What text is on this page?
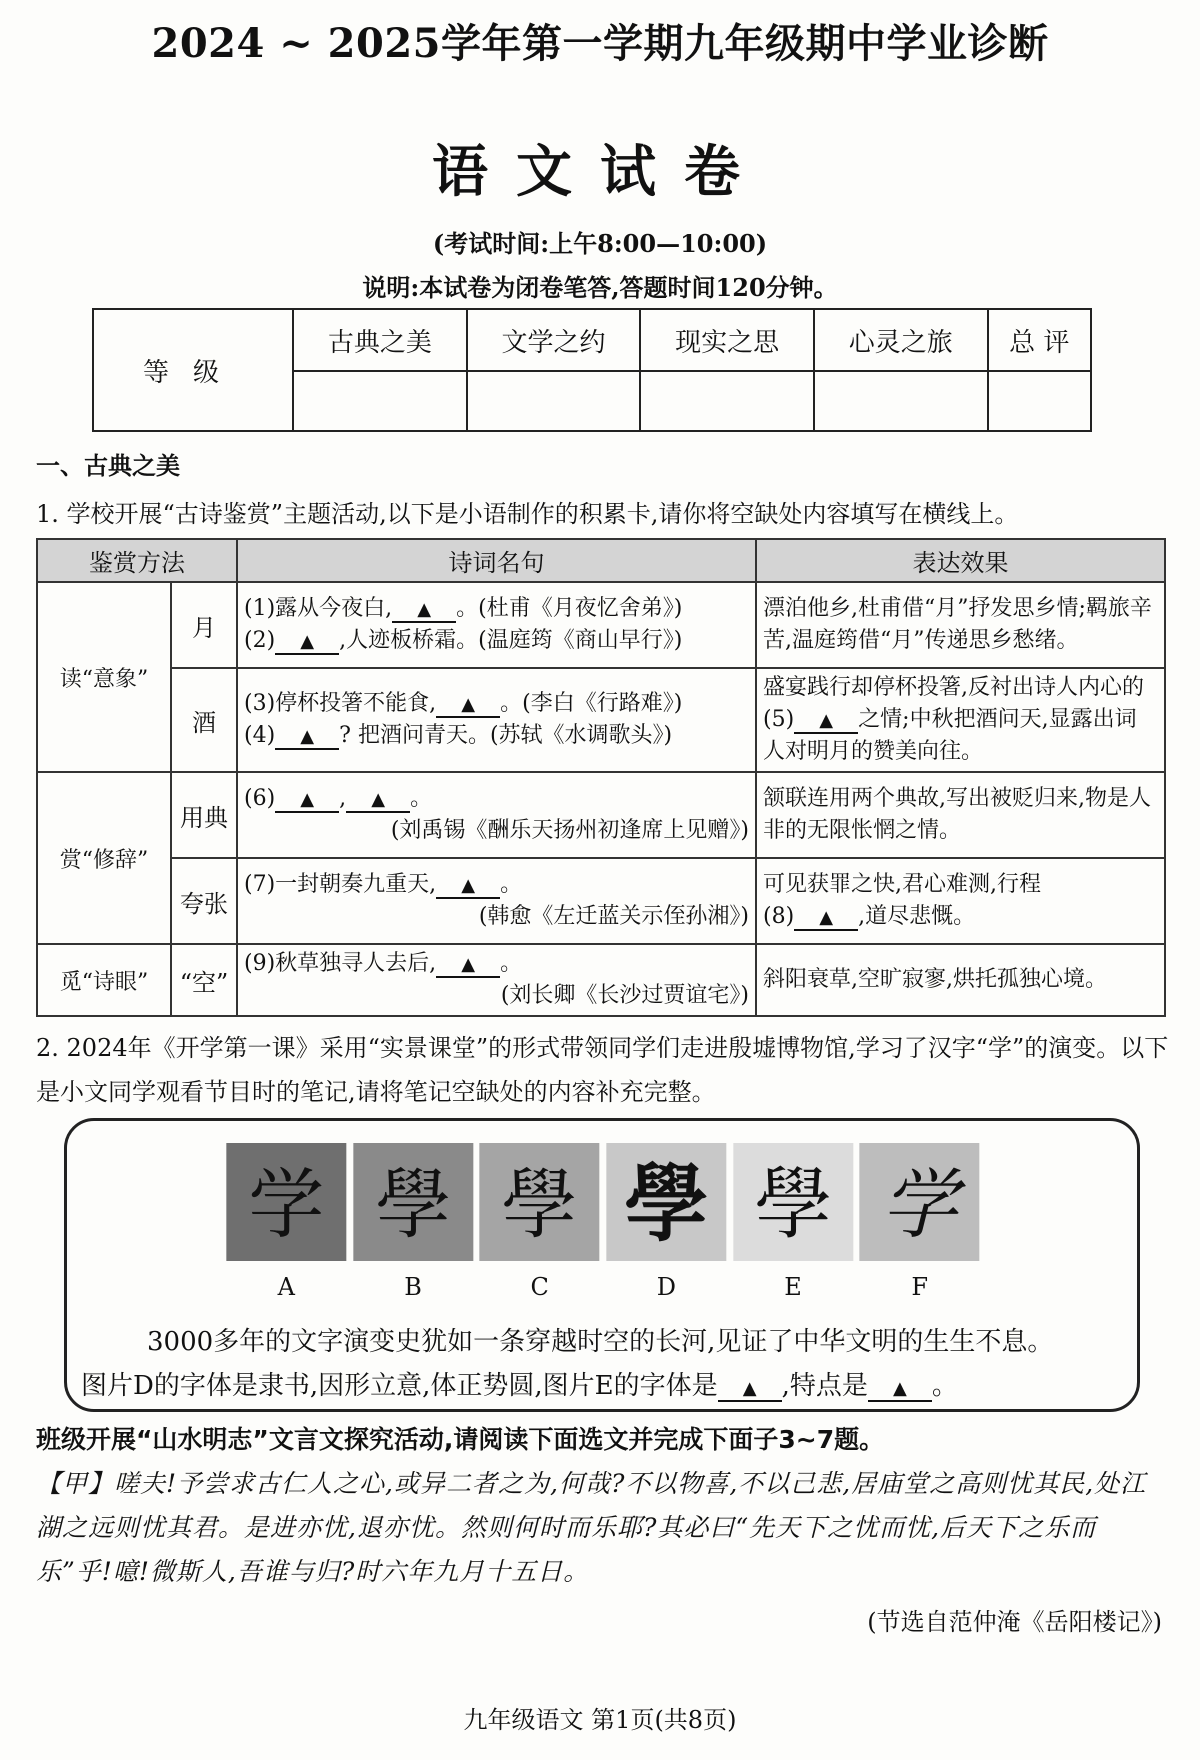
2024 ~ 2025学年第一学期九年级期中学业诊断
语文试卷
(考试时间:上午8:00—10:00)
说明:本试卷为闭卷笔答,答题时间120分钟。
等级	古典之美	文学之约	现实之思	心灵之旅	总 评

一、古典之美
1. 学校开展“古诗鉴赏”主题活动,以下是小语制作的积累卡,请你将空缺处内容填写在横线上。
鉴赏方法		诗词名句	表达效果
读“意象”	月	(1)露从今夜白, ▲ 。(杜甫《月夜忆舍弟》)
(2) ▲ ,人迹板桥霜。(温庭筠《商山早行》)	漂泊他乡,杜甫借“月”抒发思乡情;羁旅辛苦,温庭筠借“月”传递思乡愁绪。
	酒	(3)停杯投箸不能食, ▲ 。(李白《行路难》)
(4) ▲ ? 把酒问青天。(苏轼《水调歌头》)	盛宴践行却停杯投箸,反衬出诗人内心的(5) ▲ 之情;中秋把酒问天,显露出词人对明月的赞美向往。
赏“修辞”	用典	(6) ▲ , ▲ 。
(刘禹锡《酬乐天扬州初逢席上见赠》)	颔联连用两个典故,写出被贬归来,物是人非的无限怅惘之情。
	夸张	(7)一封朝奏九重天, ▲ 。
(韩愈《左迁蓝关示侄孙湘》)	可见获罪之快,君心难测,行程
(8) ▲ ,道尽悲慨。
觅“诗眼”	“空”	(9)秋草独寻人去后, ▲ 。
(刘长卿《长沙过贾谊宅》)	斜阳衰草,空旷寂寥,烘托孤独心境。
2. 2024年《开学第一课》采用“实景课堂”的形式带领同学们走进殷墟博物馆,学习了汉字“学”的演变。以下是小文同学观看节目时的笔记,请将笔记空缺处的内容补充完整。
学 學 學 學 學 学
A	B	C	D	E	F
3000多年的文字演变史犹如一条穿越时空的长河,见证了中华文明的生生不息。
图片D的字体是隶书,因形立意,体正势圆,图片E的字体是 ▲ ,特点是 ▲ 。
班级开展“山水明志”文言文探究活动,请阅读下面选文并完成下面子3~7题。
【甲】嗟夫!予尝求古仁人之心,或异二者之为,何哉?不以物喜,不以己悲,居庙堂之高则忧其民,处江湖之远则忧其君。是进亦忧,退亦忧。然则何时而乐耶?其必曰“先天下之忧而忧,后天下之乐而乐”乎!噫!微斯人,吾谁与归?时六年九月十五日。
(节选自范仲淹《岳阳楼记》)
九年级语文 第1页(共8页)
